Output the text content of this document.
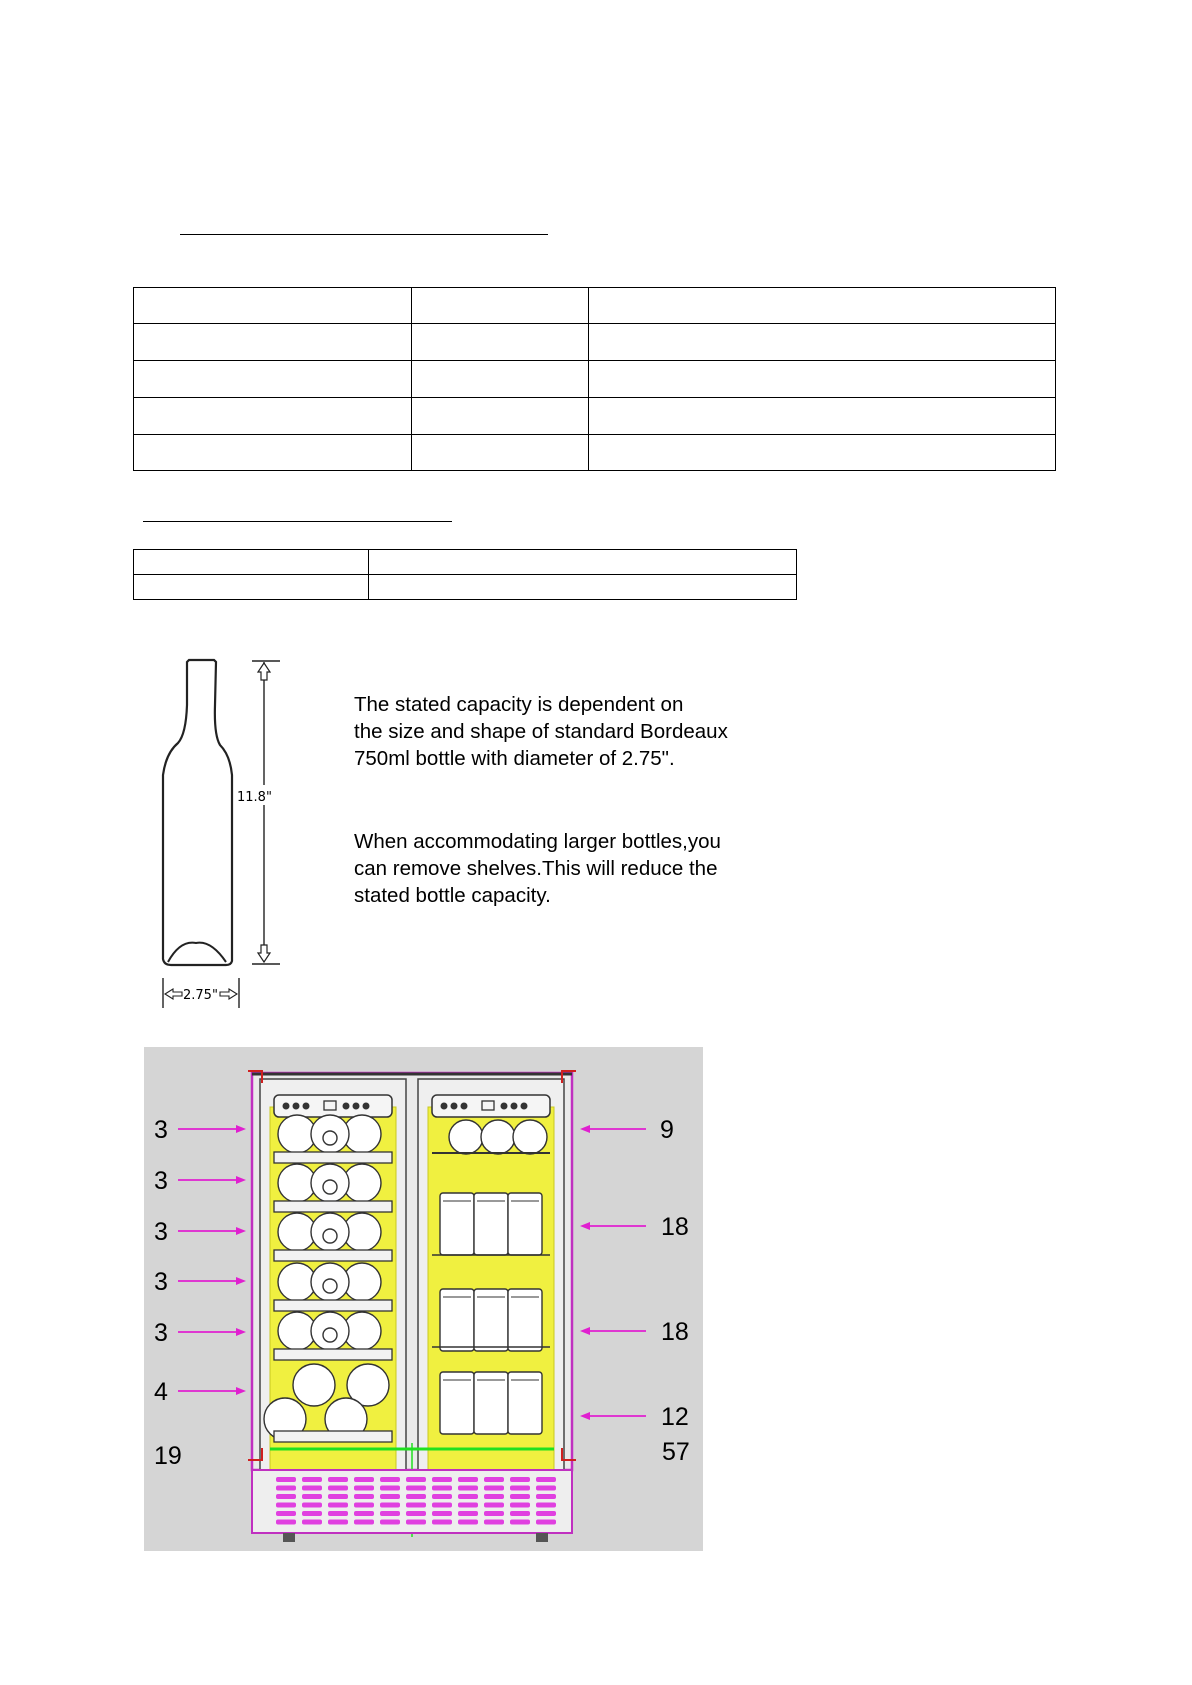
11.8"
2.75"
The stated capacity is dependent on
the size and shape of standard Bordeaux
750ml bottle with diameter of 2.75".
When accommodating larger bottles,you
can remove shelves.This will reduce the
stated bottle capacity.
3
3
3
3
3
4
9
18
18
12
19	57
